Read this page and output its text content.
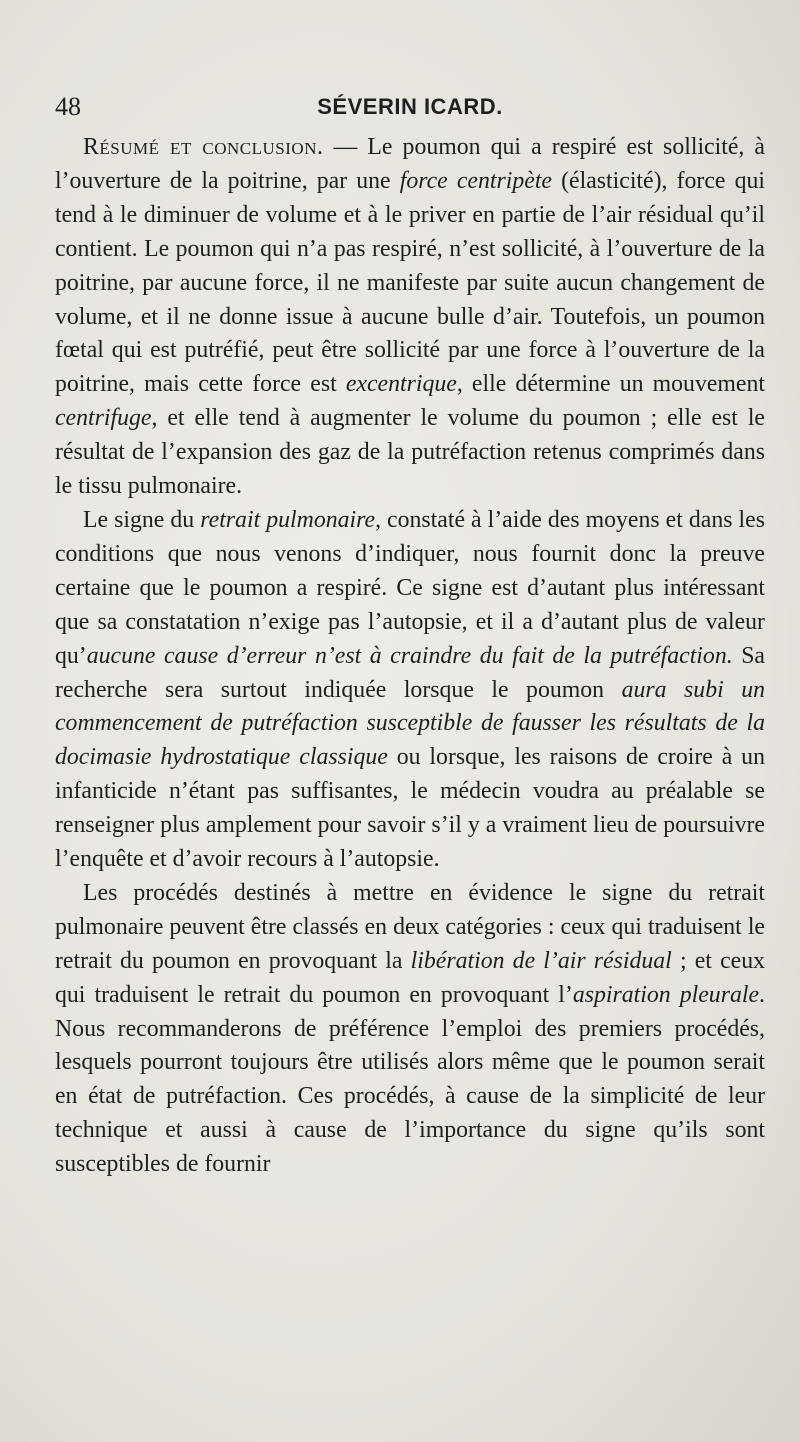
48	SÉVERIN ICARD.

Résumé et conclusion. — Le poumon qui a respiré est sollicité, à l’ouverture de la poitrine, par une force centripète (élasticité), force qui tend à le diminuer de volume et à le priver en partie de l’air résidual qu’il contient. Le poumon qui n’a pas respiré, n’est sollicité, à l’ouverture de la poitrine, par aucune force, il ne manifeste par suite aucun changement de volume, et il ne donne issue à aucune bulle d’air. Toutefois, un poumon fœtal qui est putréfié, peut être sollicité par une force à l’ouverture de la poitrine, mais cette force est excentrique, elle détermine un mouvement centrifuge, et elle tend à augmenter le volume du poumon ; elle est le résultat de l’expansion des gaz de la putréfaction retenus comprimés dans le tissu pulmonaire.

Le signe du retrait pulmonaire, constaté à l’aide des moyens et dans les conditions que nous venons d’indiquer, nous fournit donc la preuve certaine que le poumon a respiré. Ce signe est d’autant plus intéressant que sa constatation n’exige pas l’autopsie, et il a d’autant plus de valeur qu’aucune cause d’erreur n’est à craindre du fait de la putréfaction. Sa recherche sera surtout indiquée lorsque le poumon aura subi un commencement de putréfaction susceptible de fausser les résultats de la docimasie hydrostatique classique ou lorsque, les raisons de croire à un infanticide n’étant pas suffisantes, le médecin voudra au préalable se renseigner plus amplement pour savoir s’il y a vraiment lieu de poursuivre l’enquête et d’avoir recours à l’autopsie.

Les procédés destinés à mettre en évidence le signe du retrait pulmonaire peuvent être classés en deux catégories : ceux qui traduisent le retrait du poumon en provoquant la libération de l’air résidual ; et ceux qui traduisent le retrait du poumon en provoquant l’aspiration pleurale. Nous recommanderons de préférence l’emploi des premiers procédés, lesquels pourront toujours être utilisés alors même que le poumon serait en état de putréfaction. Ces procédés, à cause de la simplicité de leur technique et aussi à cause de l’importance du signe qu’ils sont susceptibles de fournir
